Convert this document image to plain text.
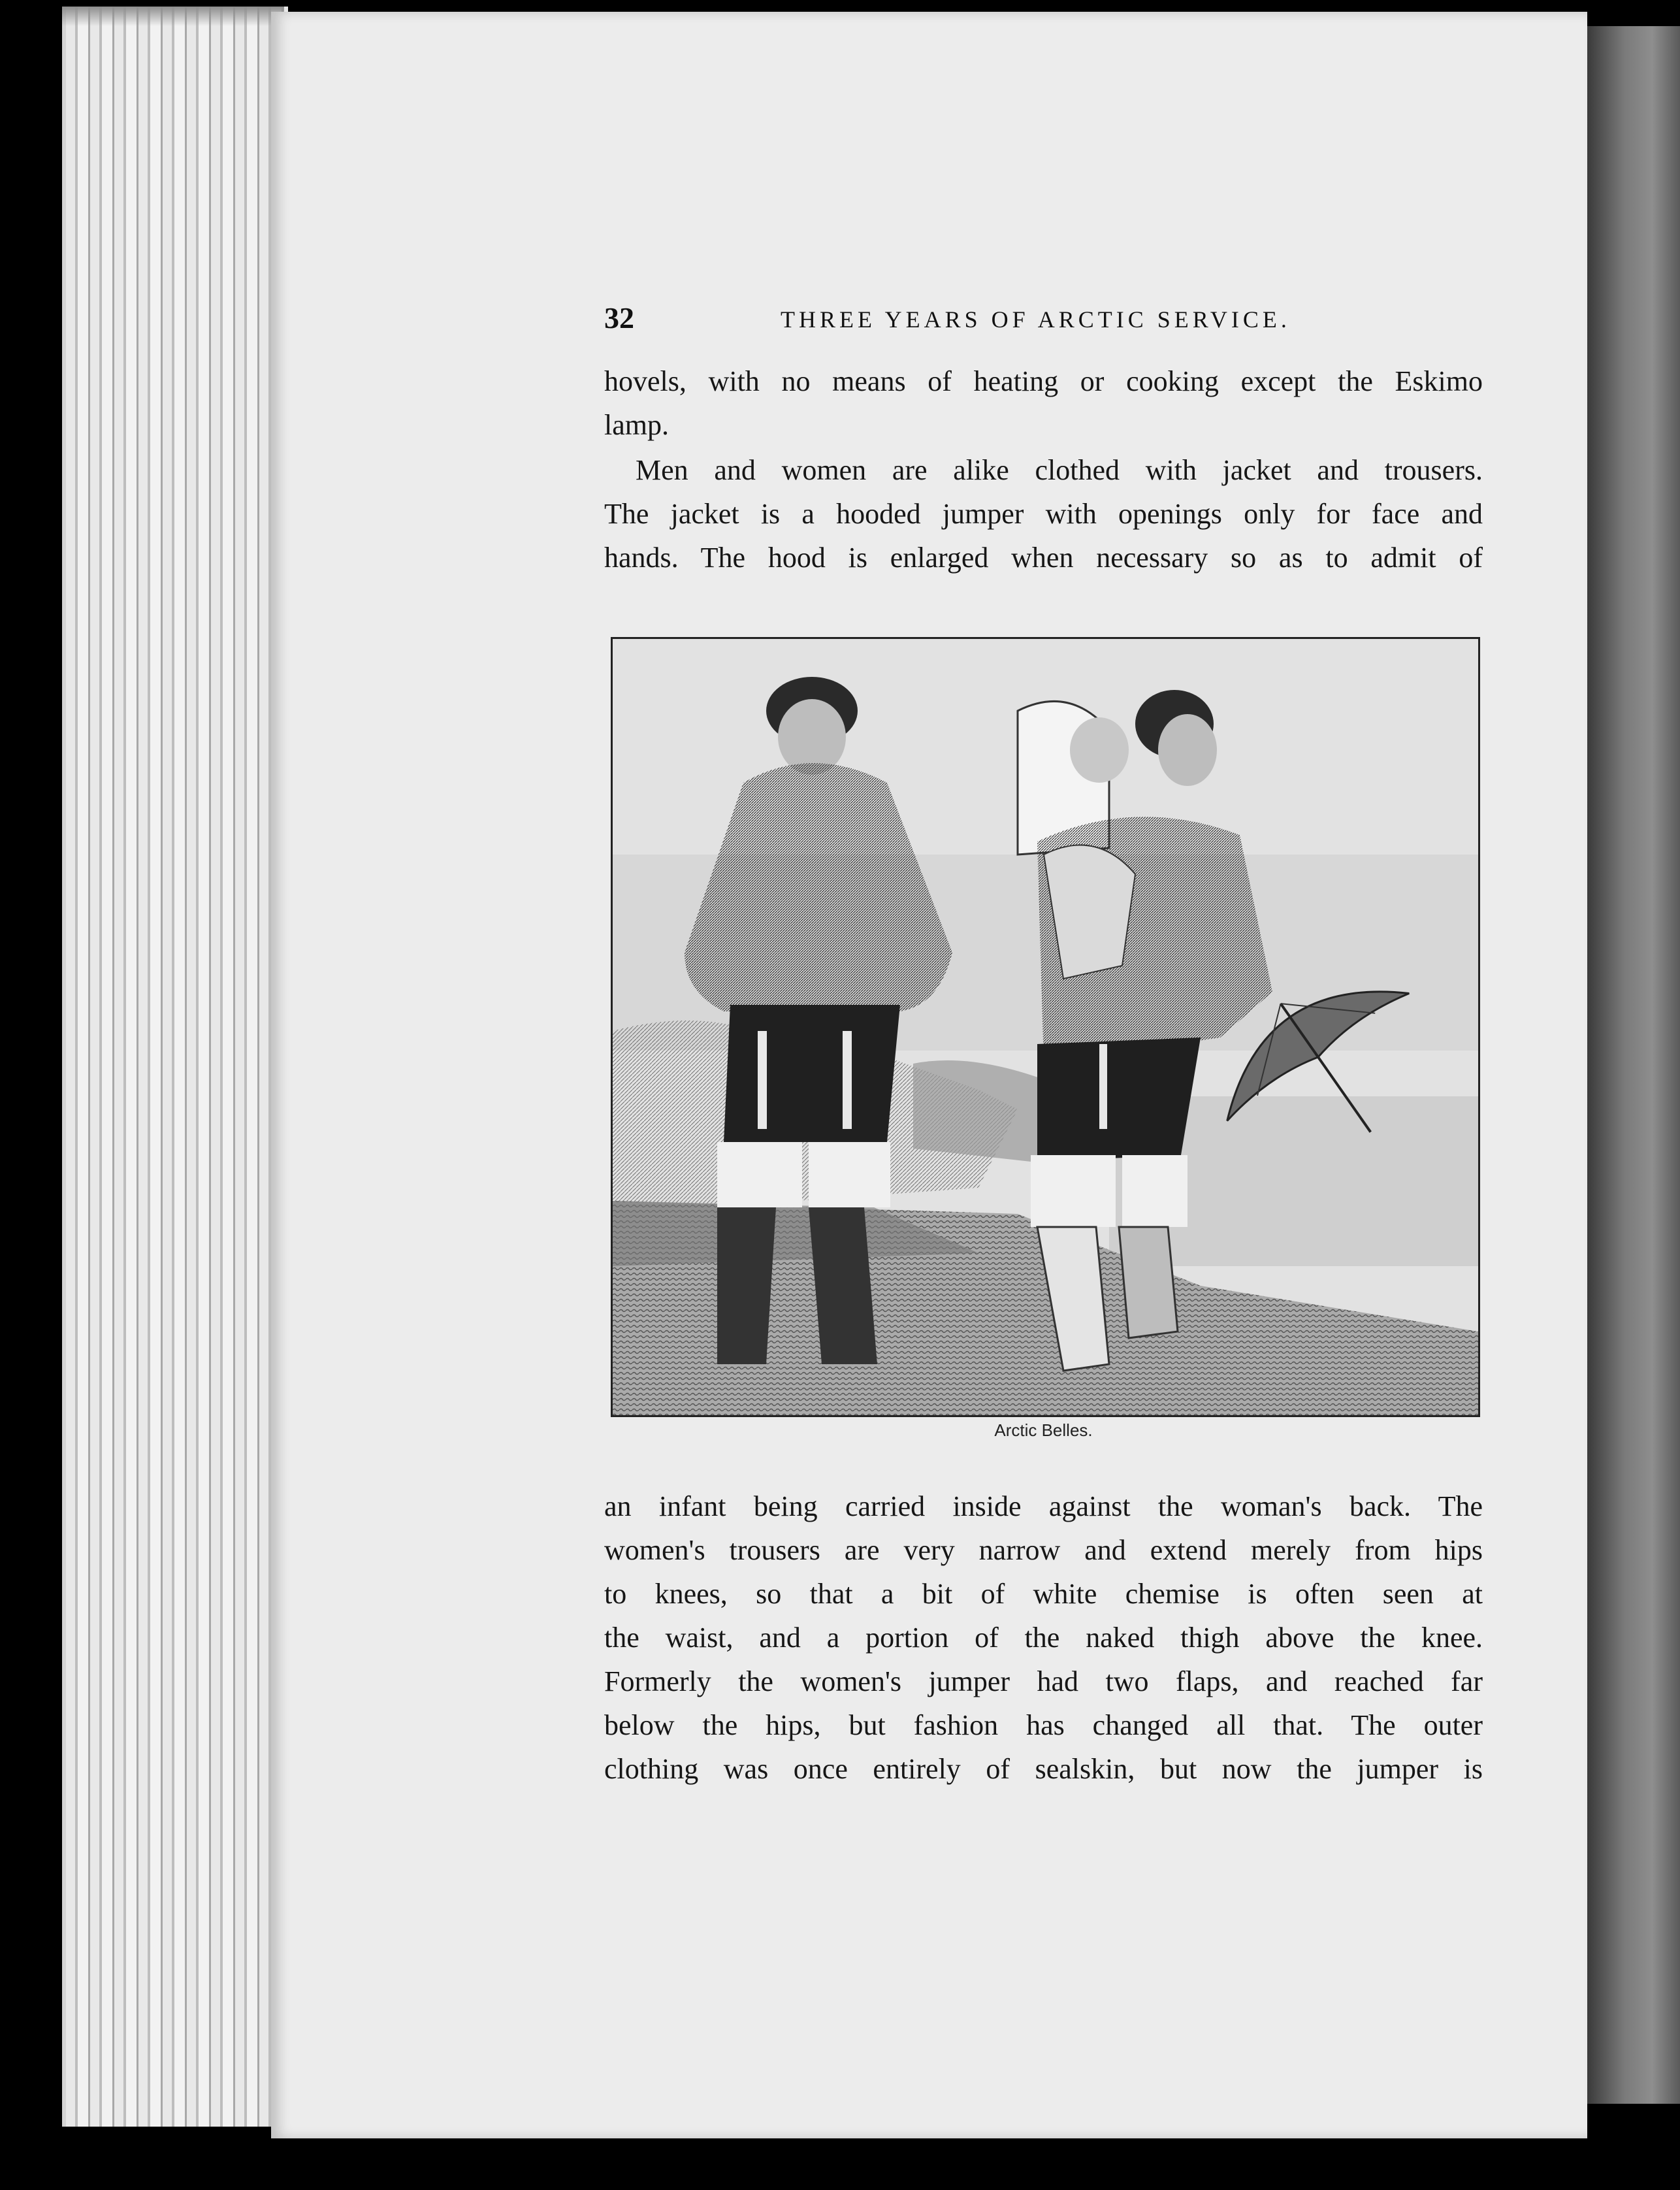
32	THREE YEARS OF ARCTIC SERVICE.

hovels, with no means of heating or cooking except the Eskimo
lamp.

Men and women are alike clothed with jacket and trousers.
The jacket is a hooded jumper with openings only for face and
hands. The hood is enlarged when necessary so as to admit of

Arctic Belles.

an infant being carried inside against the woman's back. The
women's trousers are very narrow and extend merely from hips
to knees, so that a bit of white chemise is often seen at
the waist, and a portion of the naked thigh above the knee.
Formerly the women's jumper had two flaps, and reached far
below the hips, but fashion has changed all that. The outer
clothing was once entirely of sealskin, but now the jumper is
